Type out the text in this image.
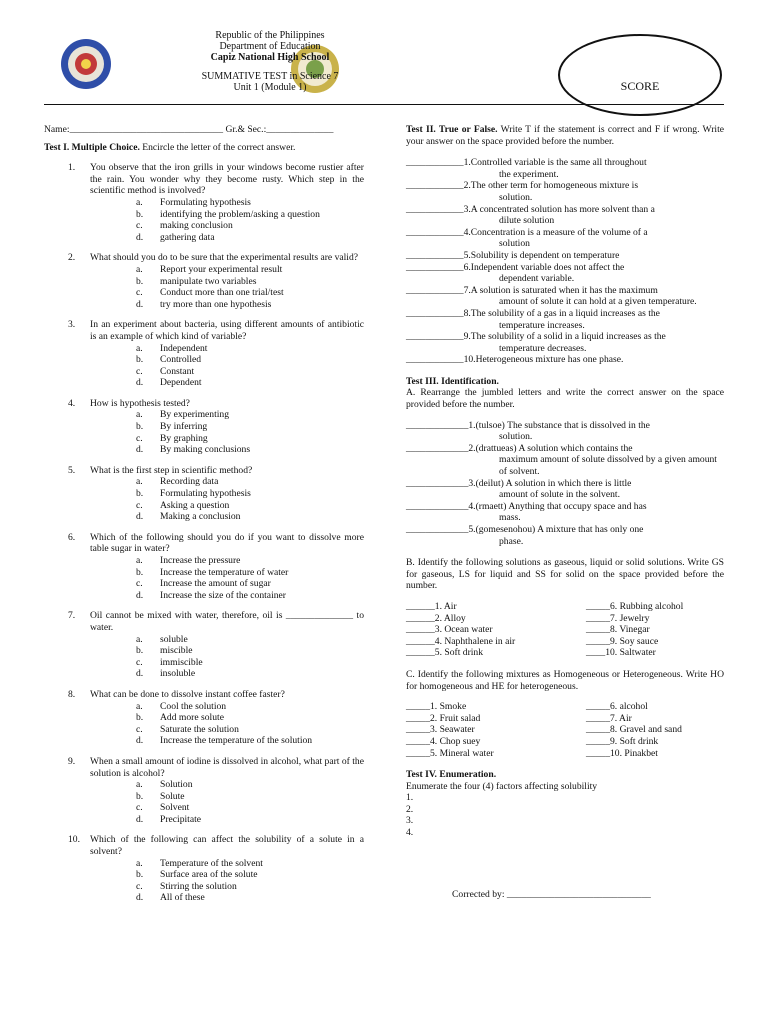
Republic of the Philippines
Department of Education
Capiz National High School
SUMMATIVE TEST in Science 7
Unit 1 (Module 1)	SCORE
Name:________________________________ Gr.& Sec.:______________
Test I. Multiple Choice. Encircle the letter of the correct answer.
1. You observe that the iron grills in your windows become rustier after the rain. You wonder why they become rusty. Which step in the scientific method is involved?
a. Formulating hypothesis
b. identifying the problem/asking a question
c. making conclusion
d. gathering data
2. What should you do to be sure that the experimental results are valid?
a. Report your experimental result
b. manipulate two variables
c. Conduct more than one trial/test
d. try more than one hypothesis
3. In an experiment about bacteria, using different amounts of antibiotic is an example of which kind of variable?
a. Independent
b. Controlled
c. Constant
d. Dependent
4. How is hypothesis tested?
a. By experimenting
b. By inferring
c. By graphing
d. By making conclusions
5. What is the first step in scientific method?
a. Recording data
b. Formulating hypothesis
c. Asking a question
d. Making a conclusion
6. Which of the following should you do if you want to dissolve more table sugar in water?
a. Increase the pressure
b. Increase the temperature of water
c. Increase the amount of sugar
d. Increase the size of the container
7. Oil cannot be mixed with water, therefore, oil is ______________ to water.
a. soluble
b. miscible
c. immiscible
d. insoluble
8. What can be done to dissolve instant coffee faster?
a. Cool the solution
b. Add more solute
c. Saturate the solution
d. Increase the temperature of the solution
9. When a small amount of iodine is dissolved in alcohol, what part of the solution is alcohol?
a. Solution
b. Solute
c. Solvent
d. Precipitate
10. Which of the following can affect the solubility of a solute in a solvent?
a. Temperature of the solvent
b. Surface area of the solute
c. Stirring the solution
d. All of these
Test II. True or False. Write T if the statement is correct and F if wrong. Write your answer on the space provided before the number.
____________1.Controlled variable is the same all throughout
the experiment.
____________2.The other term for homogeneous mixture is
solution.
____________3.A concentrated solution has more solvent than a
dilute solution
____________4.Concentration is a measure of the volume of a
solution
____________5.Solubility is dependent on temperature
____________6.Independent variable does not affect the
dependent variable.
____________7.A solution is saturated when it has the maximum
amount of solute it can hold at a given temperature.
____________8.The solubility of a gas in a liquid increases as the
temperature increases.
____________9.The solubility of a solid in a liquid increases as the
temperature decreases.
____________10.Heterogeneous mixture has one phase.
Test III. Identification.
A. Rearrange the jumbled letters and write the correct answer on the space provided before the number.
_____________1.(tulsoe) The substance that is dissolved in the
solution.
_____________2.(drattueas) A solution which contains the
maximum amount of solute dissolved by a given amount of solvent.
_____________3.(deilut) A solution in which there is little
amount of solute in the solvent.
_____________4.(rmaett) Anything that occupy space and has
mass.
_____________5.(gomesenohou) A mixture that has only one
phase.
B. Identify the following solutions as gaseous, liquid or solid solutions. Write GS for gaseous, LS for liquid and SS for solid on the space provided before the number.
______1. Air	_____6. Rubbing alcohol
______2. Alloy	_____7. Jewelry
______3. Ocean water	_____8. Vinegar
______4. Naphthalene in air	_____9. Soy sauce
______5. Soft drink	____10. Saltwater
C. Identify the following mixtures as Homogeneous or Heterogeneous. Write HO for homogeneous and HE for heterogeneous.
_____1. Smoke	_____6. alcohol
_____2. Fruit salad	_____7. Air
_____3. Seawater	_____8. Gravel and sand
_____4. Chop suey	_____9. Soft drink
_____5. Mineral water	_____10. Pinakbet
Test IV. Enumeration.
Enumerate the four (4) factors affecting solubility
1.
2.
3.
4.
Corrected by: ______________________________
